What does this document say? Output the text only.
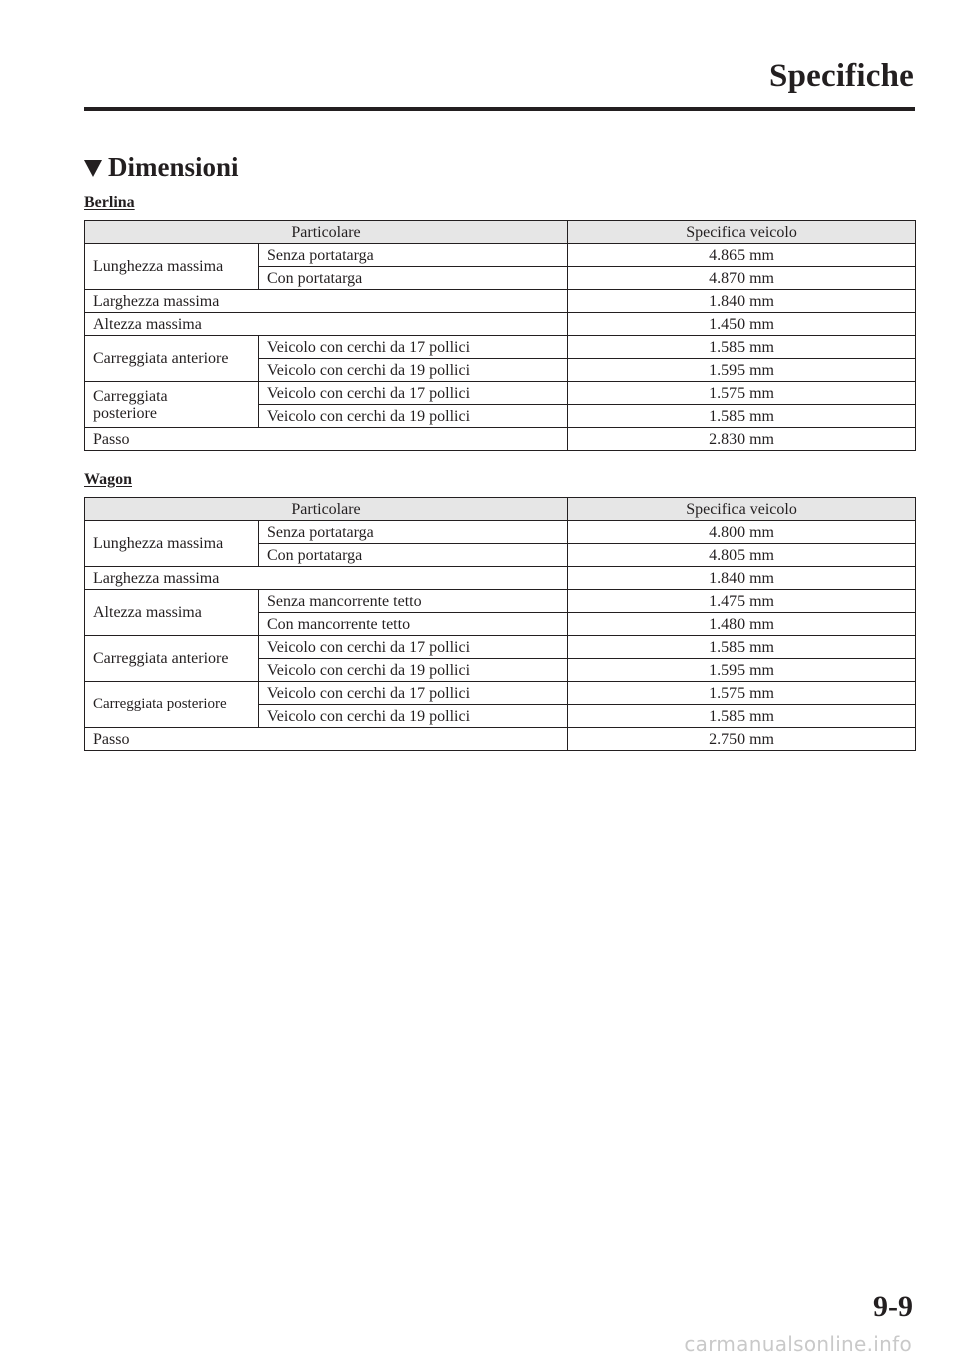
Specifiche
Dimensioni
Berlina
Particolare		Specifica veicolo
Lunghezza massima	Senza portatarga	4.865 mm
	Con portatarga	4.870 mm
Larghezza massima		1.840 mm
Altezza massima		1.450 mm
Carreggiata anteriore	Veicolo con cerchi da 17 pollici	1.585 mm
	Veicolo con cerchi da 19 pollici	1.595 mm
Carreggiata
posteriore	Veicolo con cerchi da 17 pollici	1.575 mm
	Veicolo con cerchi da 19 pollici	1.585 mm
Passo		2.830 mm
Wagon
Particolare		Specifica veicolo
Lunghezza massima	Senza portatarga	4.800 mm
	Con portatarga	4.805 mm
Larghezza massima		1.840 mm
Altezza massima	Senza mancorrente tetto	1.475 mm
	Con mancorrente tetto	1.480 mm
Carreggiata anteriore	Veicolo con cerchi da 17 pollici	1.585 mm
	Veicolo con cerchi da 19 pollici	1.595 mm
Carreggiata posteriore	Veicolo con cerchi da 17 pollici	1.575 mm
	Veicolo con cerchi da 19 pollici	1.585 mm
Passo		2.750 mm
9-9
carmanualsonline.info
